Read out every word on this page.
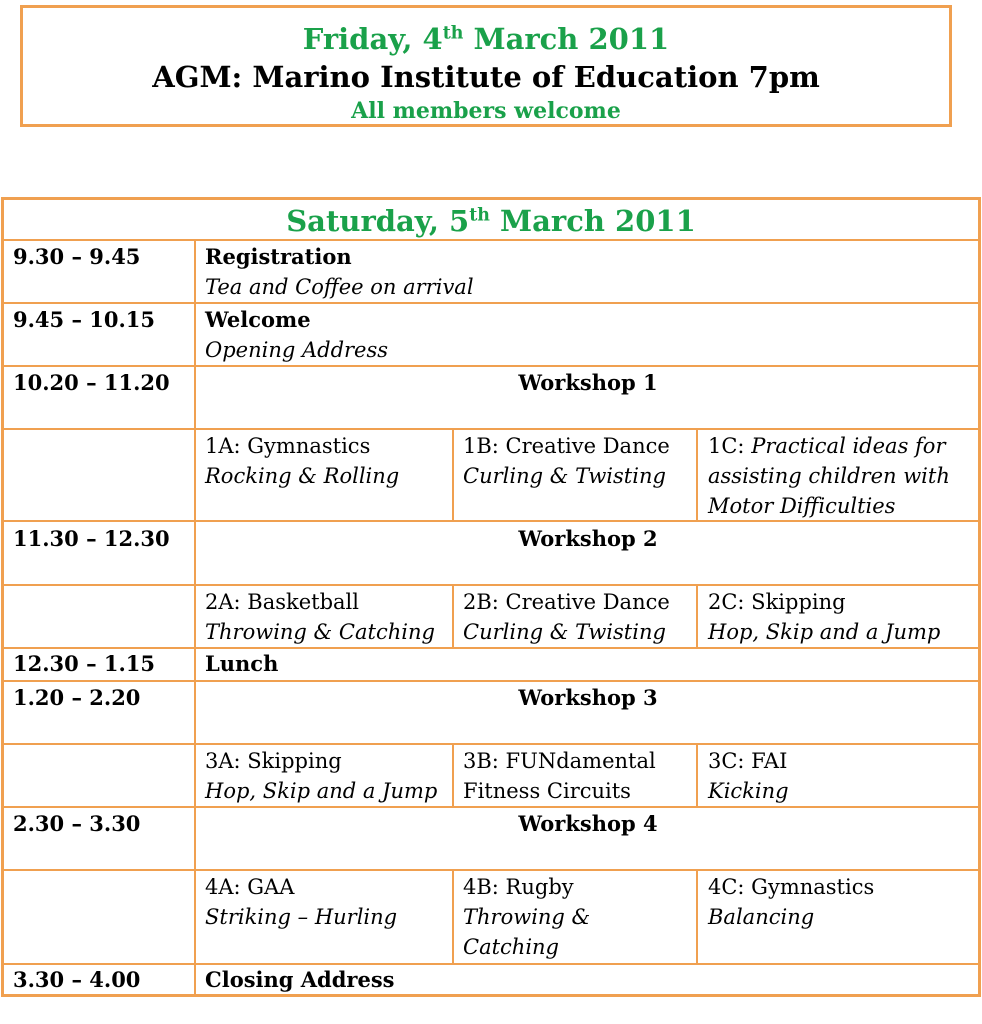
Friday, 4th March 2011
AGM: Marino Institute of Education 7pm
All members welcome
Saturday, 5th March 2011
9.30 – 9.45	Registration
Tea and Coffee on arrival
9.45 – 10.15 Welcome
Opening Address
10.20 – 11.20	Workshop 1
1A: Gymnastics
Rocking & Rolling
1B: Creative Dance
Curling & Twisting
1C: Practical ideas for
assisting children with
Motor Difficulties
11.30 – 12.30	Workshop 2
2A: Basketball
Throwing & Catching
2B: Creative Dance
Curling & Twisting
2C: Skipping
Hop, Skip and a Jump
12.30 – 1.15 Lunch
1.20 – 2.20	Workshop 3
3A: Skipping
Hop, Skip and a Jump
3B: FUNdamental
Fitness Circuits
3C: FAI
Kicking
2.30 – 3.30	Workshop 4
4A: GAA
Striking – Hurling
4B: Rugby
Throwing &
Catching
4C: Gymnastics
Balancing
3.30 – 4.00	Closing Address
